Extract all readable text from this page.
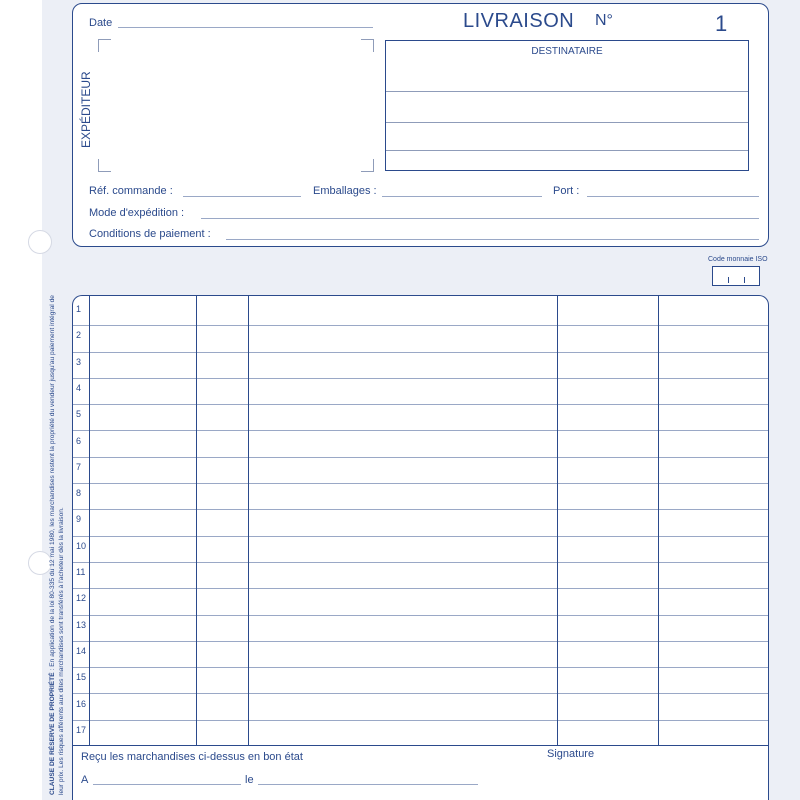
Date	LIVRAISON N°	1
EXPÉDITEUR
Réf. commande :	Emballages :	Port :
Mode d'expédition :
Conditions de paiement :
DESTINATAIRE
Code monnaie ISO
CLAUSE DE RÉSERVE DE PROPRIÉTÉ : En application de la loi 80-335 du 12 mai 1980, les marchandises restent la propriété du vendeur jusqu'au paiement intégral de leur prix. Les risques afférents aux dites marchandises sont transférés à l'acheteur dès la livraison.
1
2
3
4
5
6
7
8
9
10
11
12
13
14
15
16
17
Reçu les marchandises ci-dessus en bon état	Signature
A	le
